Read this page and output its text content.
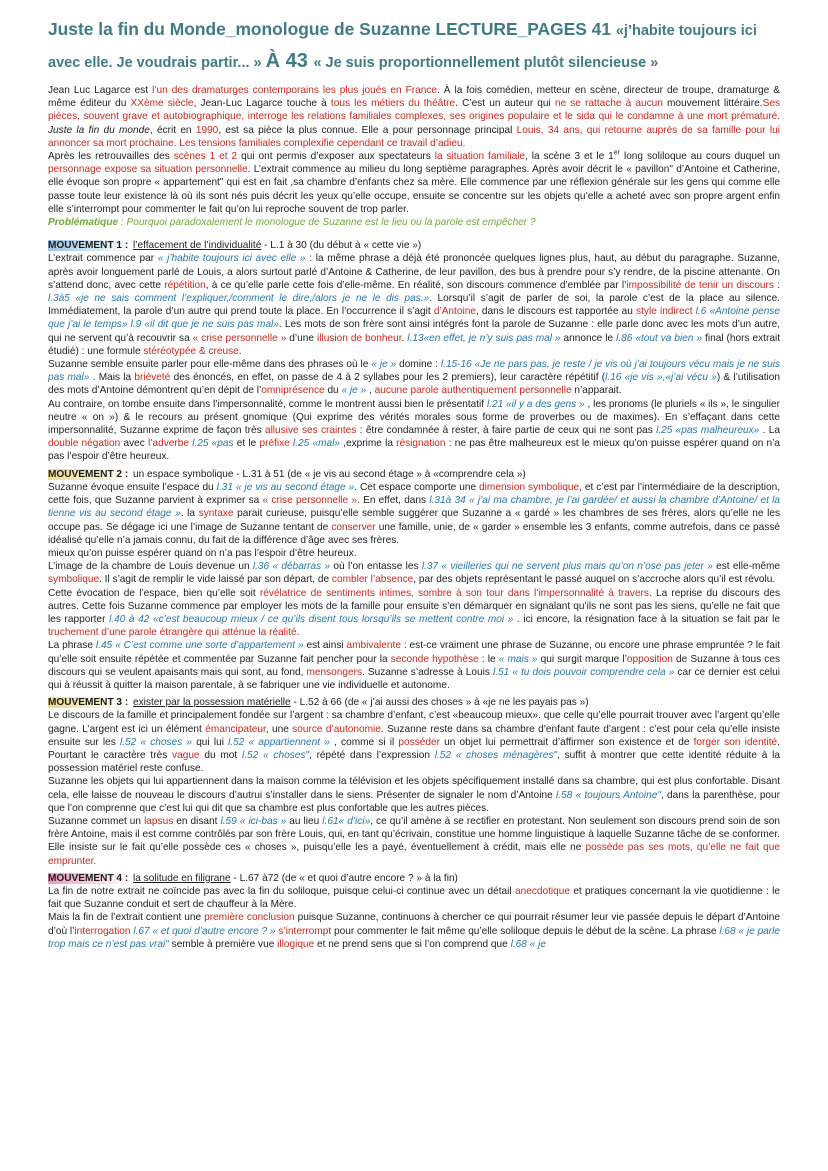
Juste la fin du Monde_monologue de Suzanne LECTURE_PAGES 41 «j’habite toujours ici avec elle. Je voudrais partir... » À 43 « Je suis proportionnellement plutôt silencieuse »

Jean Luc Lagarce est l’un des dramaturges contemporains les plus joués en France. À la fois comédien, metteur en scène, directeur de troupe, dramaturge & même éditeur du XXème siècle, Jean-Luc Lagarce touche à tous les métiers du théâtre. C’est un auteur qui ne se rattache à aucun mouvement littéraire.Ses pièces, souvent grave et autobiographique, interroge les relations familiales complexes, ses origines populaire et le sida qui le condamne à une mort prématuré. Juste la fin du monde, écrit en 1990, est sa pièce la plus connue. Elle a pour personnage principal Louis, 34 ans, qui retourne auprès de sa famille pour lui annoncer sa mort prochaine. Les tensions familiales complexifie cependant ce travail d’adieu.

Après les retrouvailles des scènes 1 et 2 qui ont permis d’exposer aux spectateurs la situation familiale, la scène 3 et le 1er long soliloque au cours duquel un personnage expose sa situation personnelle. L’extrait commence au milieu du long septième paragraphes. Après avoir décrit le « pavillon" d’Antoine et Catherine, elle évoque son propre « appartement" qui est en fait ,sa chambre d’enfants chez sa mère. Elle commence par une réflexion générale sur les gens qui comme elle passe toute leur existence là où ils sont nés puis décrit les yeux qu’elle occupe, ensuite se concentre sur les objets qu’elle a acheté avec son propre argent enfin elle s’interrompt pour commenter le fait qu’on lui reproche souvent de trop parler.

Problématique : Pourquoi paradoxalement le monologue de Suzanne est le lieu ou la parole est empêcher ?

MOUVEMENT 1 : l’effacement de l’individualité - L.1 à 30 (du début à « cette vie »)

L’extrait commence par « j’habite toujours ici avec elle » : la même phrase a déjà été prononcée quelques lignes plus, haut, au début du paragraphe. Suzanne, après avoir longuement parlé de Louis, a alors surtout parlé d’Antoine & Catherine, de leur pavillon, des bus à prendre pour s’y rendre, de la piscine attenante. On s’attend donc, avec cette répétition, à ce qu’elle parle cette fois d’elle-même. En réalité, son discours commence d’emblée par l’impossibilité de tenir un discours : l.3à5 «je ne sais comment l’expliquer,/comment le dire,/alors je ne le dis pas.». Lorsqu’il s’agit de parler de soi, la parole c’est de la place au silence. Immédiatement, la parole d’un autre qui prend toute la place. En l’occurrence il s’agit d’Antoine, dans le discours est rapportée au style indirect l.6 «Antoine pense que j’ai le temps» l.9 «il dit que je ne suis pas mal». Les mots de son frère sont ainsi intégrés font la parole de Suzanne : elle parle donc avec les mots d’un autre, qui ne servent qu’à recouvrir sa « crise personnelle » d’une illusion de bonheur. l.13«en effet, je n’y suis pas mal » annonce le l.86 «tout va bien » final (hors extrait étudié) : une formule stéréotypée & creuse.

Suzanne semble ensuite parler pour elle-même dans des phrases où le « je » domine : l.15-16 «Je ne pars pas, je reste / je vis où j’ai toujours vécu mais je ne suis pas mal» . Mais la brièveté des énoncés, en effet, on passe de 4 à 2 syllabes pour les 2 premiers), leur caractère répétitif (l.16 «je vis »,«j’ai vécu ») & l’utilisation des mots d’Antoine démontrent qu’en dépit de l’omniprésence du « je » , aucune parole authentiquement personnelle n’apparait.

Au contraire, on tombe ensuite dans l’impersonnalité, comme le montrent aussi bien le présentatif l.21 «il y a des gens » , les pronoms (le pluriels « ils », le singulier neutre « on ») & le recours au présent gnomique (Qui exprime des vérités morales sous forme de proverbes ou de maximes). En s’effaçant dans cette impersonnalité, Suzanne exprime de façon très allusive ses craintes : être condamnée à rester, à faire partie de ceux qui ne sont pas l.25 «pas malheureux» . La double négation avec l’adverbe l.25 «pas et le préfixe l.25 «mal» ,exprime la résignation : ne pas être malheureux est le mieux qu’on puisse espérer quand on n’a pas l’espoir d’être heureux.

MOUVEMENT 2 : un espace symbolique - L.31 à 51 (de « je vis au second étage » à «comprendre cela »)

Suzanne évoque ensuite l’espace du l.31 « je vis au second étage ». Cet espace comporte une dimension symbolique, et c’est par l’intermédiaire de la description, cette fois, que Suzanne parvient à exprimer sa « crise personnelle ». En effet, dans l.31à 34 « j’ai ma chambre, je l’ai gardée/ et aussi la chambre d’Antoine/ et la tienne vis au second étage ». la syntaxe parait curieuse, puisqu’elle semble suggérer que Suzanne a « gardé » les chambres de ses frères, alors qu’elle ne les occupe pas. Se dégage ici une l’image de Suzanne tentant de conserver une famille, unie, de « garder » ensemble les 3 enfants, comme autrefois, dans ce passé idéalisé qu’elle n’a jamais connu, du fait de la différence d’âge avec ses frères.

mieux qu’on puisse espérer quand on n’a pas l’espoir d’être heureux.

L’image de la chambre de Louis devenue un l.36 « débarras » où l’on entasse les l.37 « vieilleries qui ne servent plus mais qu’on n’ose pas jeter » est elle-même symbolique. Il s’agit de remplir le vide laissé par son départ, de combler l’absence, par des objets représentant le passé auquel on s’accroche alors qu’il est révolu.

Cette évocation de l’espace, bien qu’elle soit révélatrice de sentiments intimes, sombre à son tour dans l’impersonnalité à travers. La reprise du discours des autres. Cette fois Suzanne commence par employer les mots de la famille pour ensuite s’en démarquer en signalant qu’ils ne sont pas les siens, qu’elle ne fait que les rapporter l.40 à 42 «c’est beaucoup mieux / ce qu’ils disent tous lorsqu’ils se mettent contre moi » . ici encore, la résignation face à la situation se fait par le truchement d’une parole étrangère qui atténue la réalité.

La phrase l.45 « C’est comme une sorte d’appartement » est ainsi ambivalente : est-ce vraiment une phrase de Suzanne, ou encore une phrase empruntée ? le fait qu’elle soit ensuite répétée et commentée par Suzanne fait pencher pour la seconde hypothèse : le « mais » qui surgit marque l’opposition de Suzanne à tous ces discours qui se veulent apaisants mais qui sont, au fond, mensongers. Suzanne s’adresse à Louis l.51 « tu dois pouvoir comprendre cela » car ce dernier est celui qui à réussit à quitter la maison parentale, à se fabriquer une vie individuelle et autonome.

MOUVEMENT 3 : exister par la possession matérielle - L.52 à 66 (de « j’ai aussi des choses » à «je ne les payais pas »)

Le discours de la famille et principalement fondée sur l’argent : sa chambre d’enfant, c’est «beaucoup mieux». que celle qu’elle pourrait trouver avec l’argent qu’elle gagne. L’argent est ici un élément émancipateur, une source d’autonomie. Suzanne reste dans sa chambre d’enfant faute d’argent : c’est pour cela qu’elle insiste ensuite sur les l.52 « choses » qui lui l.52 « appartiennent » , comme si il posséder un objet lui permettrait d’affirmer son existence et de forger son identité. Pourtant le caractère très vague du mot l.52 « choses", répété dans l’expression l.52 « choses ménagères", suffit à montrer que cette identité réduite à la possession matériel reste confuse.

Suzanne les objets qui lui appartiennent dans la maison comme la télévision et les objets spécifiquement installé dans sa chambre, qui est plus confortable. Disant cela, elle laisse de nouveau le discours d’autrui s’installer dans le siens. Présenter de signaler le nom d’Antoine l.58 « toujours Antoine", dans la parenthèse, pour que l’on comprenne que c’est lui qui dit que sa chambre est plus confortable que les autres pièces.

Suzanne commet un lapsus en disant l.59 « ici-bas » au lieu l.61« d’ici», ce qu’il amène à se rectifier en protestant. Non seulement son discours prend soin de son frère Antoine, mais il est comme contrôlés par son frère Louis, qui, en tant qu’écrivain, constitue une homme linguistique à laquelle Suzanne tâche de se conformer. Elle insiste sur le fait qu’elle possède ces « choses », puisqu’elle les a payé, éventuellement à crédit, mais elle ne possède pas ses mots, qu’elle ne fait que emprunter.

MOUVEMENT 4 : la solitude en filigrane - L.67 à72 (de « et quoi d’autre encore ? » à la fin)

La fin de notre extrait ne coïncide pas avec la fin du soliloque, puisque celui-ci continue avec un détail anecdotique et pratiques concernant la vie quotidienne : le fait que Suzanne conduit et sert de chauffeur à la Mère.

Mais la fin de l’extrait contient une première conclusion puisque Suzanne, continuons à chercher ce qui pourrait résumer leur vie passée depuis le départ d’Antoine d’où l’interrogation l.67 « et quoi d’autre encore ? » s’interrompt pour commenter le fait même qu’elle soliloque depuis le début de la scène. La phrase l.68 « je parle trop mais ce n’est pas vrai" semble à première vue illogique et ne prend sens que si l’on comprend que l.68 « je
